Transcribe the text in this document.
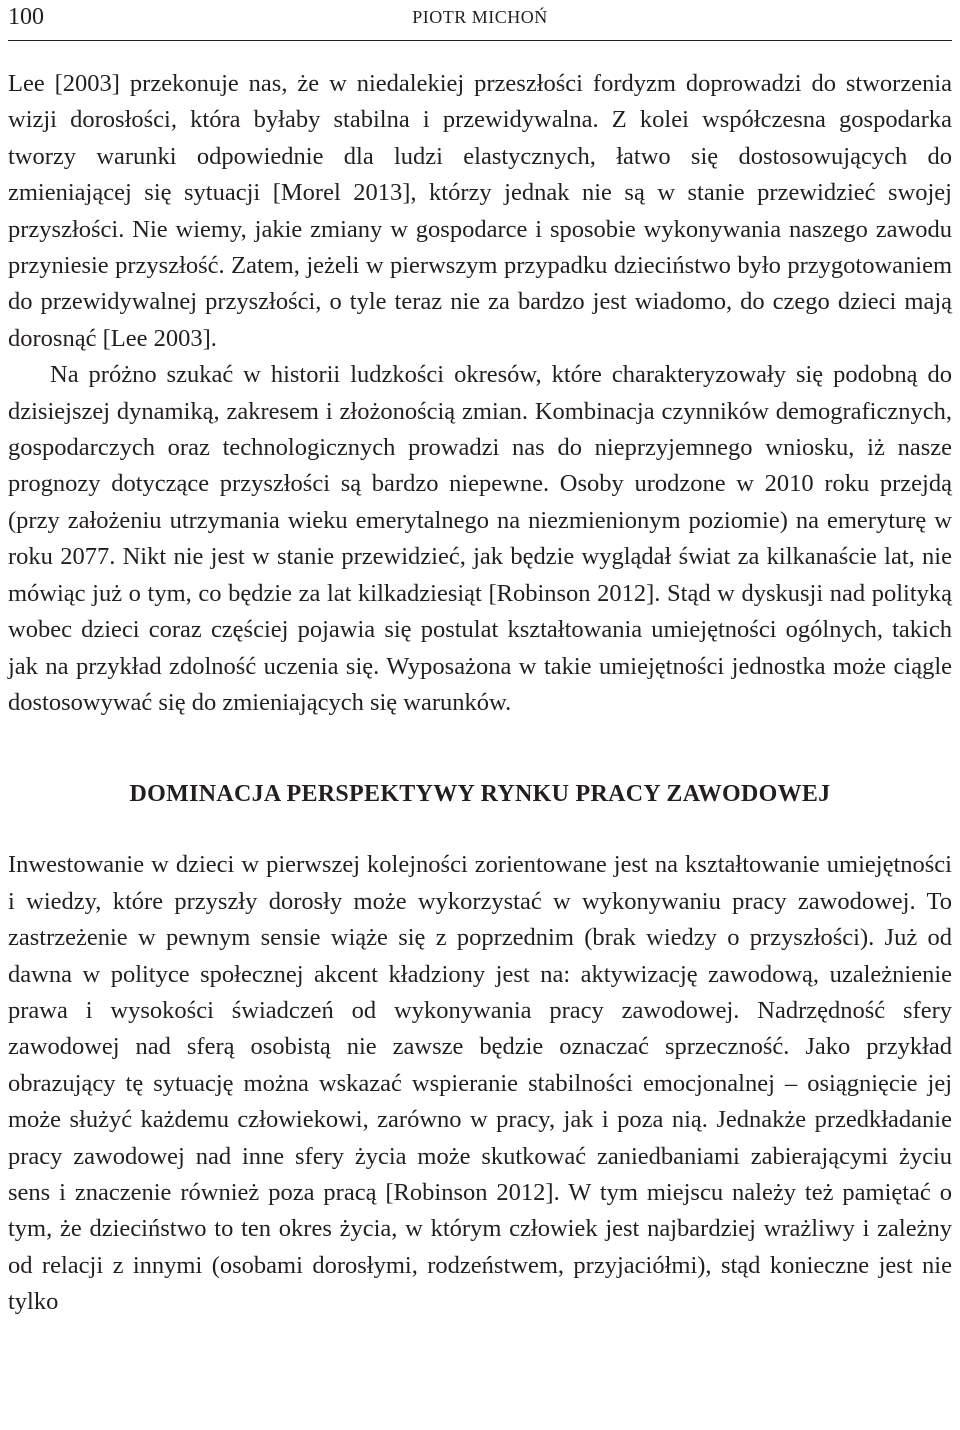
100	PIOTR MICHOŃ

Lee [2003] przekonuje nas, że w niedalekiej przeszłości fordyzm doprowadzi do stworzenia wizji dorosłości, która byłaby stabilna i przewidywalna. Z kolei współczesna gospodarka tworzy warunki odpowiednie dla ludzi elastycznych, łatwo się dostosowujących do zmieniającej się sytuacji [Morel 2013], którzy jednak nie są w stanie przewidzieć swojej przyszłości. Nie wiemy, jakie zmiany w gospodarce i sposobie wykonywania naszego zawodu przyniesie przyszłość. Zatem, jeżeli w pierwszym przypadku dzieciństwo było przygotowaniem do przewidywalnej przyszłości, o tyle teraz nie za bardzo jest wiadomo, do czego dzieci mają dorosnąć [Lee 2003].

Na próżno szukać w historii ludzkości okresów, które charakteryzowały się podobną do dzisiejszej dynamiką, zakresem i złożonością zmian. Kombinacja czynników demograficznych, gospodarczych oraz technologicznych prowadzi nas do nieprzyjemnego wniosku, iż nasze prognozy dotyczące przyszłości są bardzo niepewne. Osoby urodzone w 2010 roku przejdą (przy założeniu utrzymania wieku emerytalnego na niezmienionym poziomie) na emeryturę w roku 2077. Nikt nie jest w stanie przewidzieć, jak będzie wyglądał świat za kilkanaście lat, nie mówiąc już o tym, co będzie za lat kilkadziesiąt [Robinson 2012]. Stąd w dyskusji nad polityką wobec dzieci coraz częściej pojawia się postulat kształtowania umiejętności ogólnych, takich jak na przykład zdolność uczenia się. Wyposażona w takie umiejętności jednostka może ciągle dostosowywać się do zmieniających się warunków.

DOMINACJA PERSPEKTYWY RYNKU PRACY ZAWODOWEJ

Inwestowanie w dzieci w pierwszej kolejności zorientowane jest na kształtowanie umiejętności i wiedzy, które przyszły dorosły może wykorzystać w wykonywaniu pracy zawodowej. To zastrzeżenie w pewnym sensie wiąże się z poprzednim (brak wiedzy o przyszłości). Już od dawna w polityce społecznej akcent kładziony jest na: aktywizację zawodową, uzależnienie prawa i wysokości świadczeń od wykonywania pracy zawodowej. Nadrzędność sfery zawodowej nad sferą osobistą nie zawsze będzie oznaczać sprzeczność. Jako przykład obrazujący tę sytuację można wskazać wspieranie stabilności emocjonalnej – osiągnięcie jej może służyć każdemu człowiekowi, zarówno w pracy, jak i poza nią. Jednakże przedkładanie pracy zawodowej nad inne sfery życia może skutkować zaniedbaniami zabierającymi życiu sens i znaczenie również poza pracą [Robinson 2012]. W tym miejscu należy też pamiętać o tym, że dzieciństwo to ten okres życia, w którym człowiek jest najbardziej wrażliwy i zależny od relacji z innymi (osobami dorosłymi, rodzeństwem, przyjaciółmi), stąd konieczne jest nie tylko
